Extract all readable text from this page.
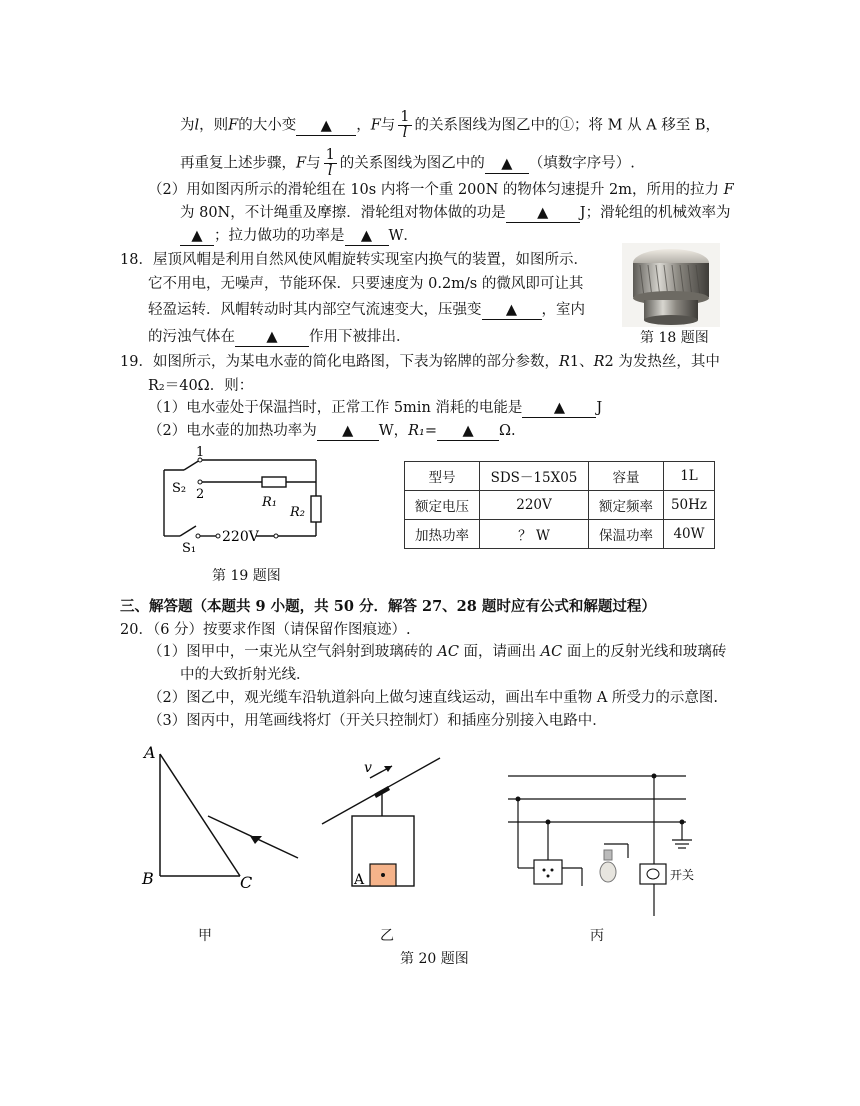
为l，则F的大小变 ▲ ，F与 $\frac{1}{l}$ 的关系图线为图乙中的①；将 M 从 A 移至 B，
再重复上述步骤，F与 $\frac{1}{l}$ 的关系图线为图乙中的 ▲ （填数字序号）.
（2）用如图丙所示的滑轮组在 10s 内将一个重 200N 的物体匀速提升 2m，所用的拉力 F
为 80N，不计绳重及摩擦．滑轮组对物体做的功是 ▲ J；滑轮组的机械效率为
▲ ；拉力做功的功率是 ▲ W．
18．屋顶风帽是利用自然风使风帽旋转实现室内换气的装置，如图所示．
它不用电，无噪声，节能环保．只要速度为 0.2m/s 的微风即可让其
轻盈运转．风帽转动时其内部空气流速变大，压强变 ▲ ，室内
的污浊气体在 ▲ 作用下被排出．	第 18 题图
19．如图所示，为某电水壶的简化电路图，下表为铭牌的部分参数，R1、R2 为发热丝，其中
R₂＝40Ω．则：
（1）电水壶处于保温挡时，正常工作 5min 消耗的电能是 ▲ J
（2）电水壶的加热功率为 ▲ W，R₁= ▲ Ω.
1
2
S₂
S₁
R₁
R₂
220V
第 19 题图
型号	SDS－15X05	容量	1L
额定电压	220V	额定频率	50Hz
加热功率	？ W	保温功率	40W
三、解答题（本题共 9 小题，共 50 分．解答 27、28 题时应有公式和解题过程）
20．（6 分）按要求作图（请保留作图痕迹）.
（1）图甲中，一束光从空气斜射到玻璃砖的 AC 面，请画出 AC 面上的反射光线和玻璃砖
中的大致折射光线．
（2）图乙中，观光缆车沿轨道斜向上做匀速直线运动，画出车中重物 A 所受力的示意图.
（3）图丙中，用笔画线将灯（开关只控制灯）和插座分别接入电路中．
A
B	C
v
A	开关
甲	乙	丙
第 20 题图
